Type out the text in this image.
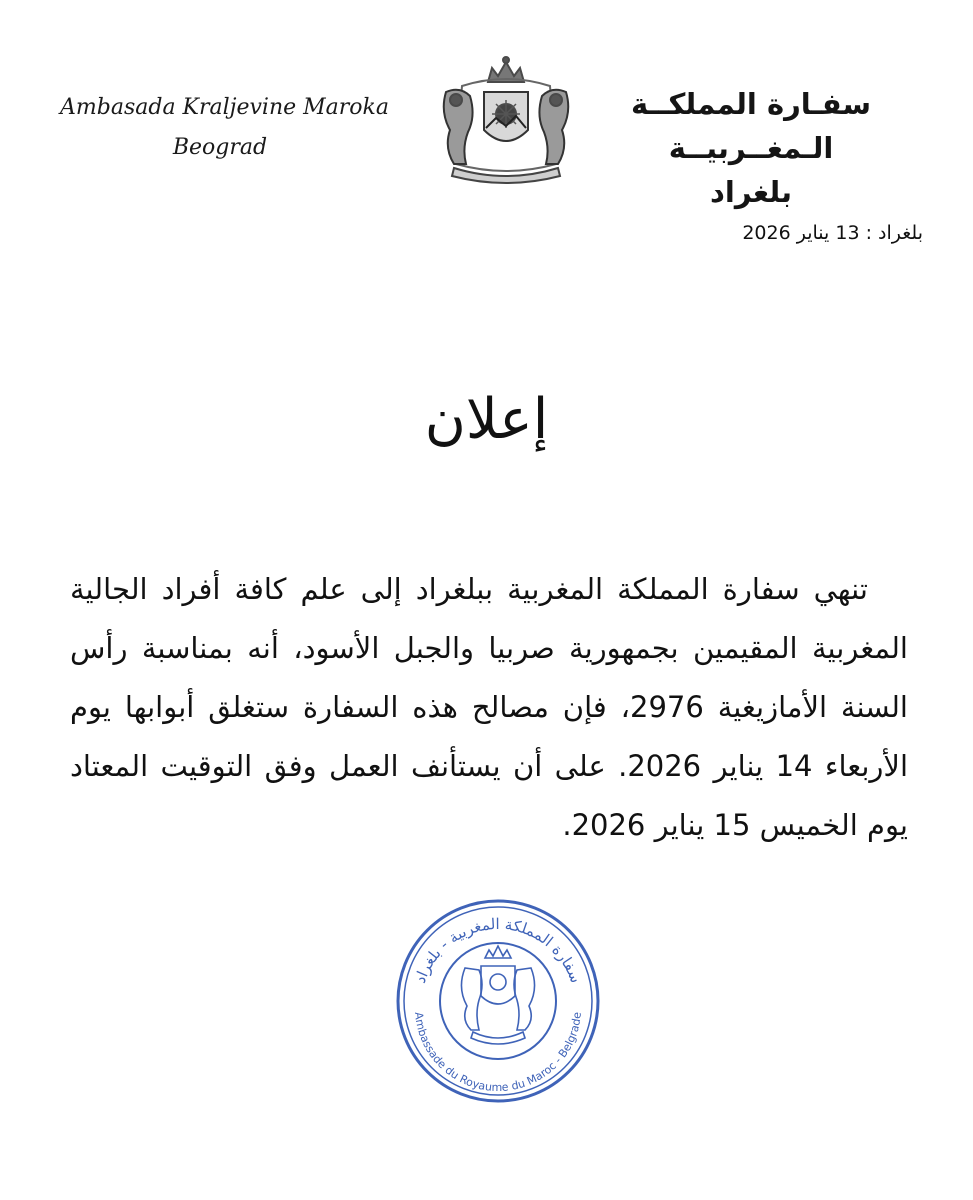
Ambasada Kraljevine Maroka
Beograd
سفـارة المملكــة الـمغــربيــة
بلغراد
بلغراد : 13 يناير 2026
إعلان
تنهي سفارة المملكة المغربية ببلغراد إلى علم كافة أفراد الجالية المغربية المقيمين بجمهورية صربيا والجبل الأسود، أنه بمناسبة رأس السنة الأمازيغية 2976، فإن مصالح هذه السفارة ستغلق أبوابها يوم الأربعاء 14 يناير 2026. على أن يستأنف العمل وفق التوقيت المعتاد يوم الخميس 15 يناير 2026.
سفارة المملكة المغربية - بلغراد
Ambassade du Royaume du Maroc - Belgrade
